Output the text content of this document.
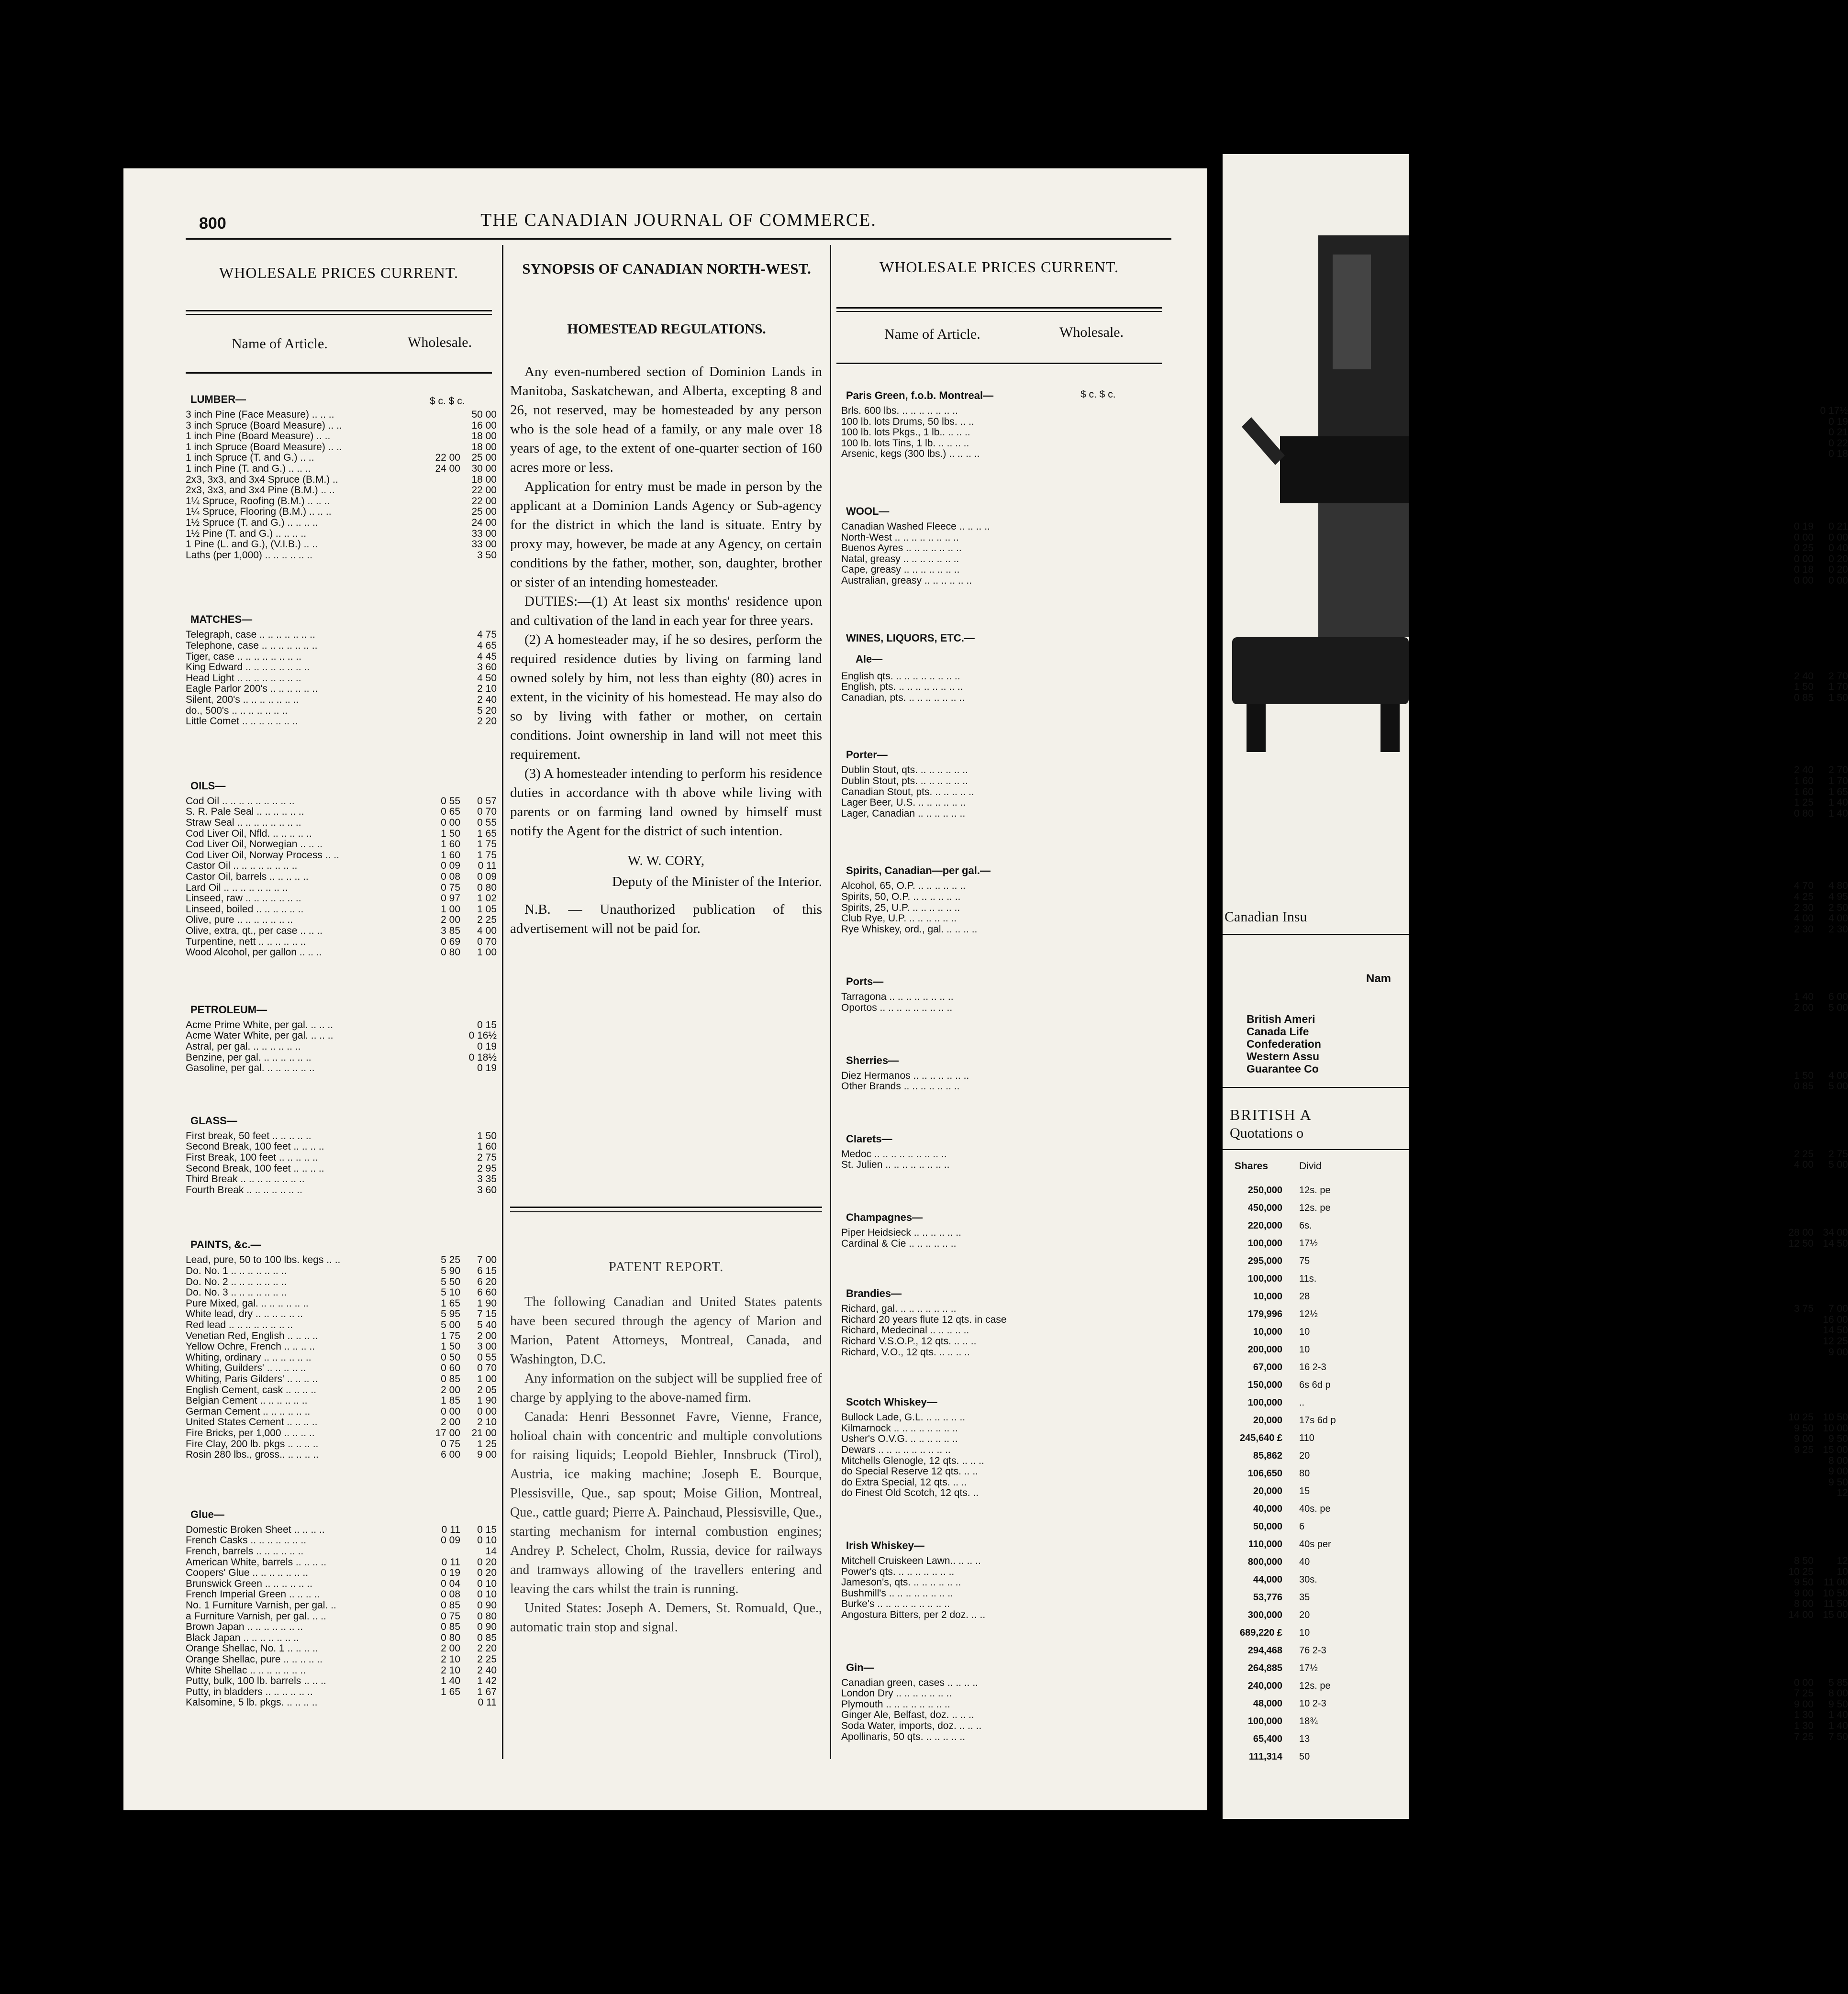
800	THE CANADIAN JOURNAL OF COMMERCE.
WHOLESALE PRICES CURRENT.
Name of Article.	Wholesale.
$ c. $ c.
SYNOPSIS OF CANADIAN NORTH-WEST.
HOMESTEAD REGULATIONS.

Any even-numbered section of Dominion Lands in Manitoba, Saskatchewan, and Alberta, excepting 8 and 26, not reserved, may be homesteaded by any person who is the sole head of a family, or any male over 18 years of age, to the extent of one-quarter section of 160 acres more or less.

Application for entry must be made in person by the applicant at a Dominion Lands Agency or Sub-agency for the district in which the land is situate. Entry by proxy may, however, be made at any Agency, on certain conditions by the father, mother, son, daughter, brother or sister of an intending homesteader.

DUTIES:—(1) At least six months' residence upon and cultivation of the land in each year for three years.

(2) A homesteader may, if he so desires, perform the required residence duties by living on farming land owned solely by him, not less than eighty (80) acres in extent, in the vicinity of his homestead. He may also do so by living with father or mother, on certain conditions. Joint ownership in land will not meet this requirement.

(3) A homesteader intending to perform his residence duties in accordance with th above while living with parents or on farming land owned by himself must notify the Agent for the district of such intention.

W. W. CORY,

Deputy of the Minister of the Interior.

N.B. — Unauthorized publication of this advertisement will not be paid for.

PATENT REPORT.

The following Canadian and United States patents have been secured through the agency of Marion and Marion, Patent Attorneys, Montreal, Canada, and Washington, D.C.

Any information on the subject will be supplied free of charge by applying to the above-named firm.

Canada: Henri Bessonnet Favre, Vienne, France, holioal chain with concentric and multiple convolutions for raising liquids; Leopold Biehler, Innsbruck (Tirol), Austria, ice making machine; Joseph E. Bourque, Plessisville, Que., sap spout; Moise Gilion, Montreal, Que., cattle guard; Pierre A. Painchaud, Plessisville, Que., starting mechanism for internal combustion engines; Andrey P. Schelect, Cholm, Russia, device for railways and tramways allowing of the travellers entering and leaving the cars whilst the train is running.

United States: Joseph A. Demers, St. Romuald, Que., automatic train stop and signal.

WHOLESALE PRICES CURRENT.
Name of Article.	Wholesale.
LUMBER—
3 inch Pine (Face Measure) .. .. ..	50 00
3 inch Spruce (Board Measure) .. ..	16 00
1 inch Pine (Board Measure) .. ..	18 00
1 inch Spruce (Board Measure) .. ..	18 00
1 inch Spruce (T. and G.) .. ..	22 00	25 00
1 inch Pine (T. and G.) .. .. ..	24 00	30 00
2x3, 3x3, and 3x4 Spruce (B.M.) ..	18 00
2x3, 3x3, and 3x4 Pine (B.M.) .. ..	22 00
1¼ Spruce, Roofing (B.M.) .. .. ..	22 00
1¼ Spruce, Flooring (B.M.) .. .. ..	25 00
1½ Spruce (T. and G.) .. .. .. ..	24 00
1½ Pine (T. and G.) .. .. .. ..	33 00
1 Pine (L. and G.), (V.I.B.) .. ..	33 00
Laths (per 1,000) .. .. .. .. .. ..	3 50
MATCHES—
Telegraph, case .. .. .. .. .. .. ..	4 75
Telephone, case .. .. .. .. .. .. ..	4 65
Tiger, case .. .. .. .. .. .. .. ..	4 45
King Edward .. .. .. .. .. .. .. ..	3 60
Head Light .. .. .. .. .. .. .. ..	4 50
Eagle Parlor 200's .. .. .. .. .. ..	2 10
Silent, 200's .. .. .. .. .. .. ..	2 40
do., 500's .. .. .. .. .. .. ..	5 20
Little Comet .. .. .. .. .. .. ..	2 20
OILS—
Cod Oil .. .. .. .. .. .. .. .. ..	0 55	0 57
S. R. Pale Seal .. .. .. .. .. ..	0 65	0 70
Straw Seal .. .. .. .. .. .. .. ..	0 00	0 55
Cod Liver Oil, Nfld. .. .. .. .. ..	1 50	1 65
Cod Liver Oil, Norwegian .. .. ..	1 60	1 75
Cod Liver Oil, Norway Process .. ..	1 60	1 75
Castor Oil .. .. .. .. .. .. .. ..	0 09	0 11
Castor Oil, barrels .. .. .. .. ..	0 08	0 09
Lard Oil .. .. .. .. .. .. .. ..	0 75	0 80
Linseed, raw .. .. .. .. .. .. ..	0 97	1 02
Linseed, boiled .. .. .. .. .. ..	1 00	1 05
Olive, pure .. .. .. .. .. .. ..	2 00	2 25
Olive, extra, qt., per case .. .. ..	3 85	4 00
Turpentine, nett .. .. .. .. .. ..	0 69	0 70
Wood Alcohol, per gallon .. .. ..	0 80	1 00
PETROLEUM—
Acme Prime White, per gal. .. .. ..	0 15
Acme Water White, per gal. .. .. ..	0 16½
Astral, per gal. .. .. .. .. .. ..	0 19
Benzine, per gal. .. .. .. .. .. ..	0 18½
Gasoline, per gal. .. .. .. .. .. ..	0 19
GLASS—
First break, 50 feet .. .. .. .. ..	1 50
Second Break, 100 feet .. .. .. ..	1 60
First Break, 100 feet .. .. .. .. ..	2 75
Second Break, 100 feet .. .. .. ..	2 95
Third Break .. .. .. .. .. .. .. ..	3 35
Fourth Break .. .. .. .. .. .. ..	3 60
PAINTS, &c.—
Lead, pure, 50 to 100 lbs. kegs .. ..	5 25	7 00
Do. No. 1 .. .. .. .. .. .. ..	5 90	6 15
Do. No. 2 .. .. .. .. .. .. ..	5 50	6 20
Do. No. 3 .. .. .. .. .. .. ..	5 10	6 60
Pure Mixed, gal. .. .. .. .. .. ..	1 65	1 90
White lead, dry .. .. .. .. .. ..	5 95	7 15
Red lead .. .. .. .. .. .. .. ..	5 00	5 40
Venetian Red, English .. .. .. ..	1 75	2 00
Yellow Ochre, French .. .. .. ..	1 50	3 00
Whiting, ordinary .. .. .. .. .. ..	0 50	0 55
Whiting, Guilders' .. .. .. .. ..	0 60	0 70
Whiting, Paris Gilders' .. .. .. ..	0 85	1 00
English Cement, cask .. .. .. ..	2 00	2 05
Belgian Cement .. .. .. .. .. ..	1 85	1 90
German Cement .. .. .. .. .. ..	0 00	0 00
United States Cement .. .. .. ..	2 00	2 10
Fire Bricks, per 1,000 .. .. .. ..	17 00	21 00
Fire Clay, 200 lb. pkgs .. .. .. ..	0 75	1 25
Rosin 280 lbs., gross.. .. .. .. ..	6 00	9 00
Glue—
Domestic Broken Sheet .. .. .. ..	0 11	0 15
French Casks .. .. .. .. .. .. ..	0 09	0 10
French, barrels .. .. .. .. .. ..	14
American White, barrels .. .. .. ..	0 11	0 20
Coopers' Glue .. .. .. .. .. .. ..	0 19	0 20
Brunswick Green .. .. .. .. .. ..	0 04	0 10
French Imperial Green .. .. .. ..	0 08	0 10
No. 1 Furniture Varnish, per gal. ..	0 85	0 90
a Furniture Varnish, per gal. .. ..	0 75	0 80
Brown Japan .. .. .. .. .. .. ..	0 85	0 90
Black Japan .. .. .. .. .. .. ..	0 80	0 85
Orange Shellac, No. 1 .. .. .. ..	2 00	2 20
Orange Shellac, pure .. .. .. .. ..	2 10	2 25
White Shellac .. .. .. .. .. .. ..	2 10	2 40
Putty, bulk, 100 lb. barrels .. .. ..	1 40	1 42
Putty, in bladders .. .. .. .. .. ..	1 65	1 67
Kalsomine, 5 lb. pkgs. .. .. .. ..	0 11
$ c. $ c.
Paris Green, f.o.b. Montreal—
Brls. 600 lbs. .. .. .. .. .. .. ..	0 17½
100 lb. lots Drums, 50 lbs. .. ..	0 19
100 lb. lots Pkgs., 1 lb.. .. .. ..	0 21
100 lb. lots Tins, 1 lb. .. .. .. ..	0 22
Arsenic, kegs (300 lbs.) .. .. .. ..	0 18
WOOL—
Canadian Washed Fleece .. .. .. ..	0 19	0 21
North-West .. .. .. .. .. .. .. ..	0 00	0 00
Buenos Ayres .. .. .. .. .. .. ..	0 25	0 40
Natal, greasy .. .. .. .. .. .. ..	0 00	0 20
Cape, greasy .. .. .. .. .. .. ..	0 18	0 20
Australian, greasy .. .. .. .. .. ..	0 00	0 00
WINES, LIQUORS, ETC.—
Ale—
English qts. .. .. .. .. .. .. .. ..	2 40	2 70
English, pts. .. .. .. .. .. .. .. ..	1 50	1 70
Canadian, pts. .. .. .. .. .. .. ..	0 85	1 50
Porter—
Dublin Stout, qts. .. .. .. .. .. ..	2 40	2 70
Dublin Stout, pts. .. .. .. .. .. ..	1 60	1 70
Canadian Stout, pts. .. .. .. .. ..	1 60	1 65
Lager Beer, U.S. .. .. .. .. .. ..	1 25	1 40
Lager, Canadian .. .. .. .. .. ..	0 80	1 40
Spirits, Canadian—per gal.—
Alcohol, 65, O.P. .. .. .. .. .. ..	4 70	4 80
Spirits, 50, O.P. .. .. .. .. .. ..	4 25	4 95
Spirits, 25, U.P. .. .. .. .. .. ..	2 30	2 50
Club Rye, U.P. .. .. .. .. .. ..	4 00	4 00
Rye Whiskey, ord., gal. .. .. .. ..	2 30	2 30
Ports—
Tarragona .. .. .. .. .. .. .. ..	1 40	6 00
Oportos .. .. .. .. .. .. .. .. ..	2 00	5 00
Sherries—
Diez Hermanos .. .. .. .. .. .. ..	1 50	4 00
Other Brands .. .. .. .. .. .. ..	0 85	5 00
Clarets—
Medoc .. .. .. .. .. .. .. .. ..	2 25	2 75
St. Julien .. .. .. .. .. .. .. ..	4 00	5 00
Champagnes—
Piper Heidsieck .. .. .. .. .. ..	28 00 34 00
Cardinal & Cie .. .. .. .. .. ..	12 50 14 50
Brandies—
Richard, gal. .. .. .. .. .. .. ..	3 75	7 00
Richard 20 years flute 12 qts. in case	16 00
Richard, Medecinal .. .. .. .. ..	14 50
Richard V.S.O.P., 12 qts. .. .. ..	12 25
Richard, V.O., 12 qts. .. .. .. ..	9 00
Scotch Whiskey—
Bullock Lade, G.L. .. .. .. .. ..	10 25 10 50
Kilmarnock .. .. .. .. .. .. .. ..	9 50 10 00
Usher's O.V.G. .. .. .. .. .. ..	9 00	9 50
Dewars .. .. .. .. .. .. .. .. ..	9 25 15 00
Mitchells Glenogle, 12 qts. .. .. ..	8 00
do Special Reserve 12 qts. .. ..	9 00
do Extra Special, 12 qts. .. ..	9 50
do Finest Old Scotch, 12 qts. ..	12
Irish Whiskey—
Mitchell Cruiskeen Lawn.. .. .. ..	8 50	12
Power's qts. .. .. .. .. .. .. ..	10 25	10
Jameson's, qts. .. .. .. .. .. ..	9 50	11 00
Bushmill's .. .. .. .. .. .. .. ..	9 00 10 50
Burke's .. .. .. .. .. .. .. .. ..	8 00	11 50
Angostura Bitters, per 2 doz. .. ..	14 00 15 00
Gin—
Canadian green, cases .. .. .. ..	0 00	5 85
London Dry .. .. .. .. .. .. ..	7 25	8 00
Plymouth .. .. .. .. .. .. .. ..	9 00	9 50
Ginger Ale, Belfast, doz. .. .. ..	1 30	1 40
Soda Water, imports, doz. .. .. ..	1 30	1 40
Apollinaris, 50 qts. .. .. .. .. ..	7 25	7 50
Canadian Insu
Nam
British Ameri
Canada Life
Confederation
Western Assu
Guarantee Co
BRITISH A
Quotations o
Shares	Divid
250,000 12s. pe
450,000 12s. pe
220,000 6s.
100,000 17½
295,000 75
100,000 11s.
10,000 28
179,996 12½
10,000 10
200,000 10
67,000 16 2-3
150,000 6s 6d p
100,000 ..
20,000 17s 6d p
245,640 £ 110
85,862 20
106,650 80
20,000 15
40,000 40s. pe
50,000 6
110,000 40s per
800,000 40
44,000 30s.
53,776 35
300,000 20
689,220 £ 10
294,468 76 2-3
264,885 17½
240,000 12s. pe
48,000 10 2-3
100,000 18¾
65,400 13
111,314 50
